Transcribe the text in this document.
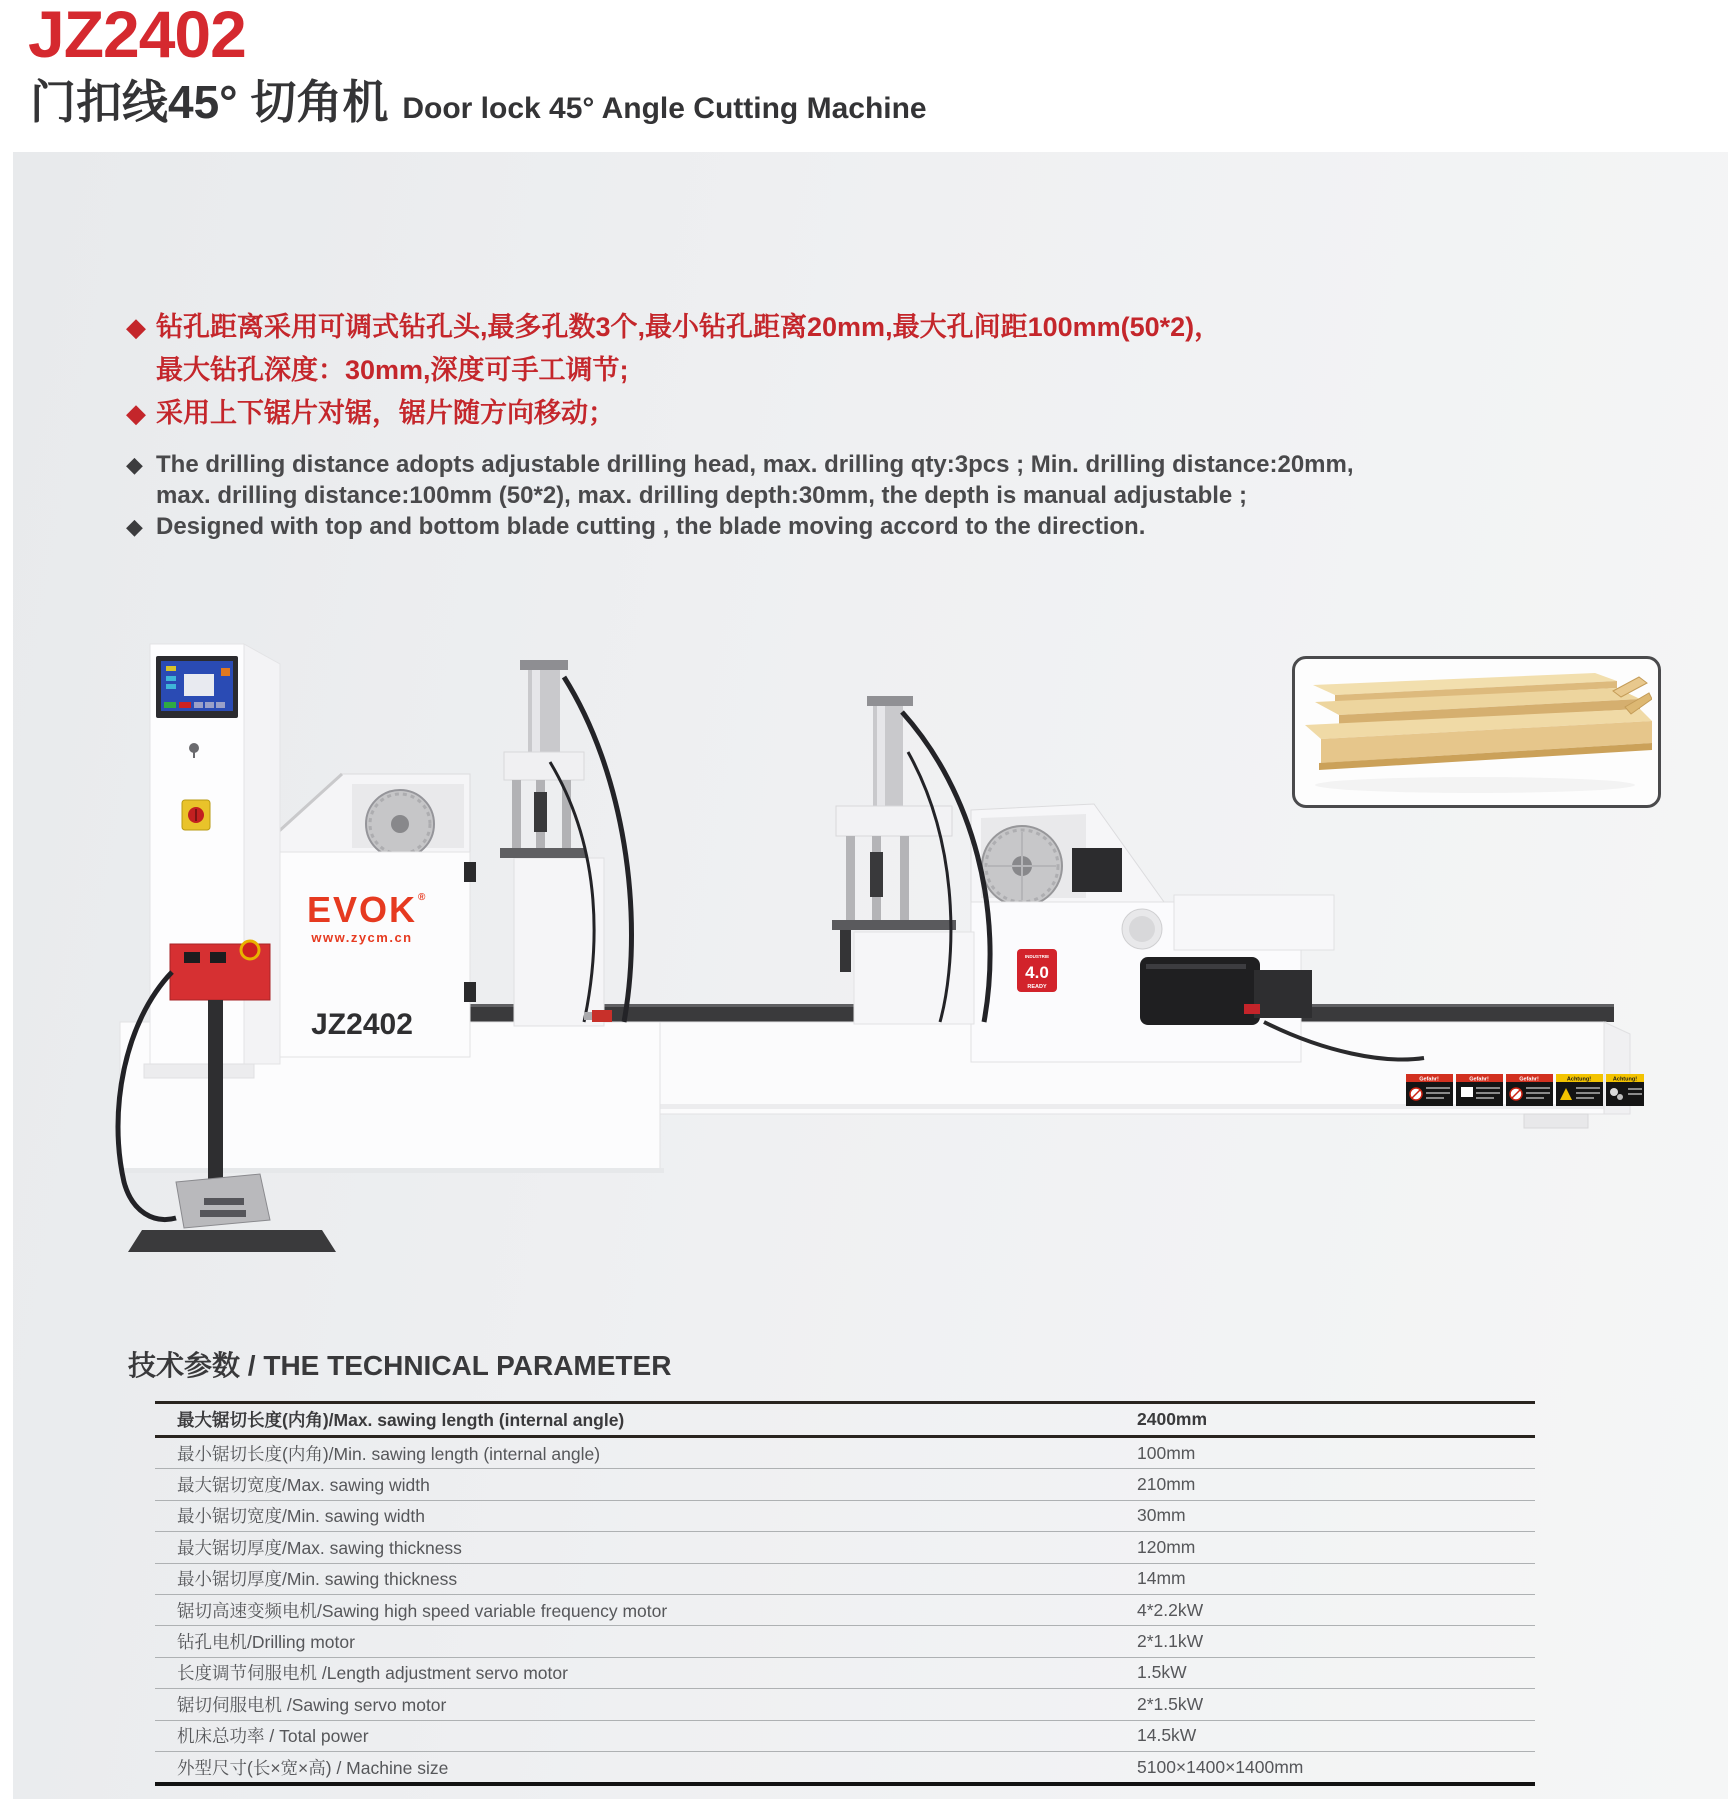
JZ2402
门扣线45° 切角机 Door lock 45° Angle Cutting Machine
◆ 钻孔距离采用可调式钻孔头,最多孔数3个,最小钻孔距离20mm,最大孔间距100mm(50*2)，
最大钻孔深度：30mm,深度可手工调节;
◆ 采用上下锯片对锯，锯片随方向移动；
◆ The drilling distance adopts adjustable drilling head, max. drilling qty:3pcs ; Min. drilling distance:20mm,
max. drilling distance:100mm (50*2), max. drilling depth:30mm, the depth is manual adjustable ;
◆ Designed with top and bottom blade cutting , the blade moving accord to the direction.
Gefahr!	Gefahr!	Gefahr!	Achtung!	Achtung!
INDUSTRIE
4.0
READY
EVOK ®
www.zycm.cn
JZ2402
技术参数 / THE TECHNICAL PARAMETER
最大锯切长度(内角)/Max. sawing length (internal angle)	2400mm
最小锯切长度(内角)/Min. sawing length (internal angle)	100mm
最大锯切宽度/Max. sawing width	210mm
最小锯切宽度/Min. sawing width	30mm
最大锯切厚度/Max. sawing thickness	120mm
最小锯切厚度/Min. sawing thickness	14mm
锯切高速变频电机/Sawing high speed variable frequency motor	4*2.2kW
钻孔电机/Drilling motor	2*1.1kW
长度调节伺服电机 /Length adjustment servo motor	1.5kW
锯切伺服电机 /Sawing servo motor	2*1.5kW
机床总功率 / Total power	14.5kW
外型尺寸(长×宽×高) / Machine size	5100×1400×1400mm
